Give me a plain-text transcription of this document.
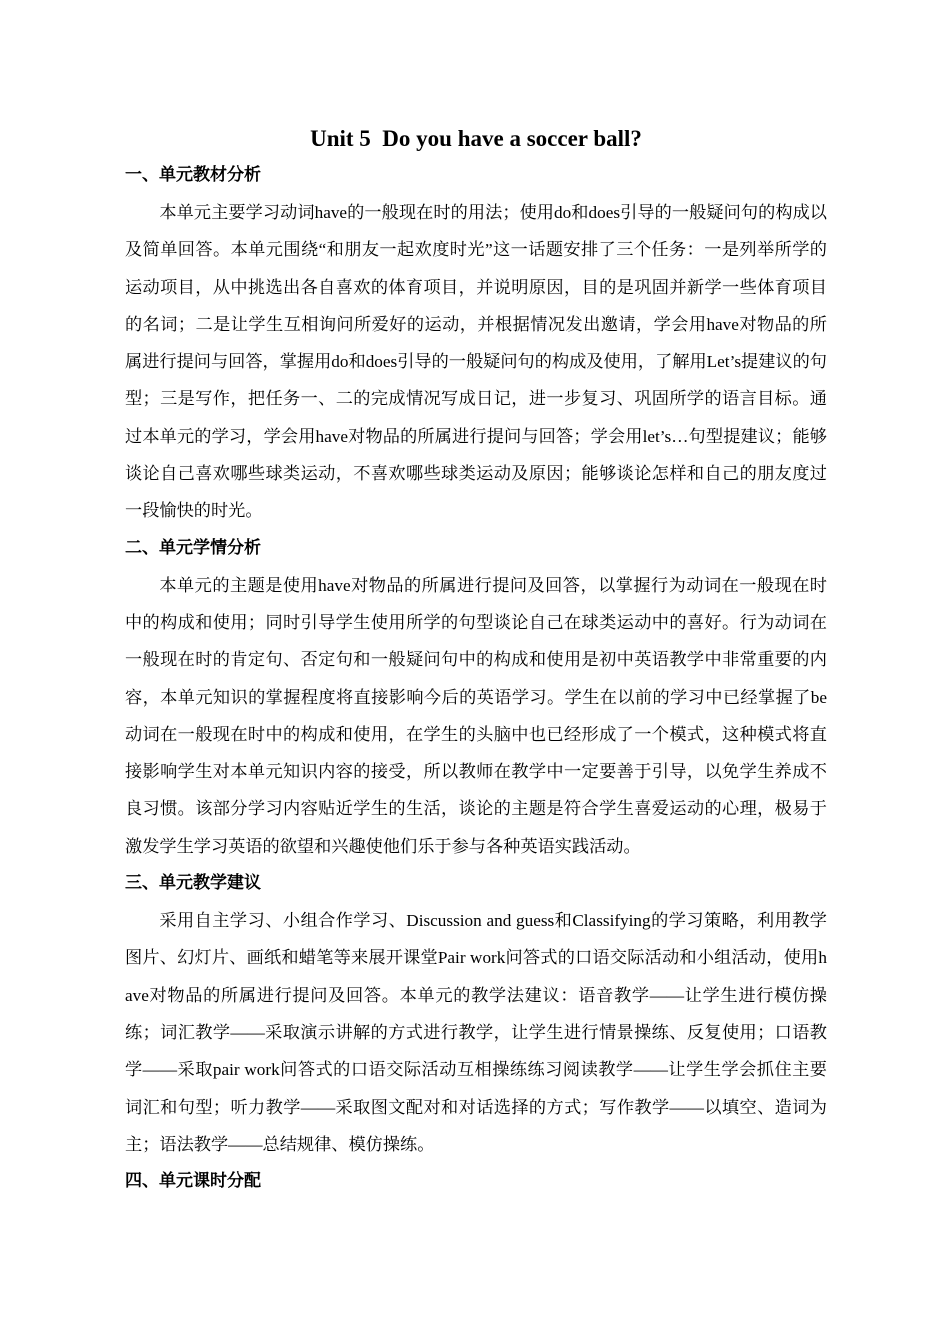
Unit 5  Do you have a soccer ball?
一、单元教材分析

本单元主要学习动词have的一般现在时的用法；使用do和does引导的一般疑问句的构成以及简单回答。本单元围绕“和朋友一起欢度时光”这一话题安排了三个任务：一是列举所学的运动项目，从中挑选出各自喜欢的体育项目，并说明原因，目的是巩固并新学一些体育项目的名词；二是让学生互相询问所爱好的运动，并根据情况发出邀请，学会用have对物品的所属进行提问与回答，掌握用do和does引导的一般疑问句的构成及使用，了解用Let’s提建议的句型；三是写作，把任务一、二的完成情况写成日记，进一步复习、巩固所学的语言目标。通过本单元的学习，学会用have对物品的所属进行提问与回答；学会用let’s…句型提建议；能够谈论自己喜欢哪些球类运动，不喜欢哪些球类运动及原因；能够谈论怎样和自己的朋友度过一段愉快的时光。

二、单元学情分析

本单元的主题是使用have对物品的所属进行提问及回答，以掌握行为动词在一般现在时中的构成和使用；同时引导学生使用所学的句型谈论自己在球类运动中的喜好。行为动词在一般现在时的肯定句、否定句和一般疑问句中的构成和使用是初中英语教学中非常重要的内容，本单元知识的掌握程度将直接影响今后的英语学习。学生在以前的学习中已经掌握了be动词在一般现在时中的构成和使用，在学生的头脑中也已经形成了一个模式，这种模式将直接影响学生对本单元知识内容的接受，所以教师在教学中一定要善于引导，以免学生养成不良习惯。该部分学习内容贴近学生的生活，谈论的主题是符合学生喜爱运动的心理，极易于激发学生学习英语的欲望和兴趣使他们乐于参与各种英语实践活动。

三、单元教学建议

采用自主学习、小组合作学习、Discussion and guess和Classifying的学习策略，利用教学图片、幻灯片、画纸和蜡笔等来展开课堂Pair work问答式的口语交际活动和小组活动，使用have对物品的所属进行提问及回答。本单元的教学法建议：语音教学——让学生进行模仿操练；词汇教学——采取演示讲解的方式进行教学，让学生进行情景操练、反复使用；口语教学——采取pair work问答式的口语交际活动互相操练练习阅读教学——让学生学会抓住主要词汇和句型；听力教学——采取图文配对和对话选择的方式；写作教学——以填空、造词为主；语法教学——总结规律、模仿操练。

四、单元课时分配
